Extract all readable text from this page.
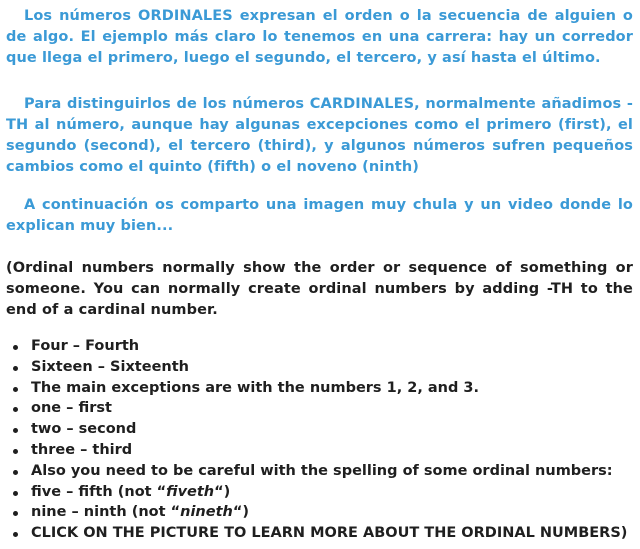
Los números ORDINALES expresan el orden o la secuencia de alguien o de algo. El ejemplo más claro lo tenemos en una carrera: hay un corredor que llega el primero, luego el segundo, el tercero, y así hasta el último.

Para distinguirlos de los números CARDINALES, normalmente añadimos -TH al número, aunque hay algunas excepciones como el primero (first), el segundo (second), el tercero (third), y algunos números sufren pequeños cambios como el quinto (fifth) o el noveno (ninth)

A continuación os comparto una imagen muy chula y un video donde lo explican muy bien...

(Ordinal numbers normally show the order or sequence of something or someone. You can normally create ordinal numbers by adding -TH to the end of a cardinal number.

Four – Fourth
Sixteen – Sixteenth
The main exceptions are with the numbers 1, 2, and 3.
one – first
two – second
three – third
Also you need to be careful with the spelling of some ordinal numbers:
five – fifth (not “fiveth“)
nine – ninth (not “nineth“)
CLICK ON THE PICTURE TO LEARN MORE ABOUT THE ORDINAL NUMBERS)
